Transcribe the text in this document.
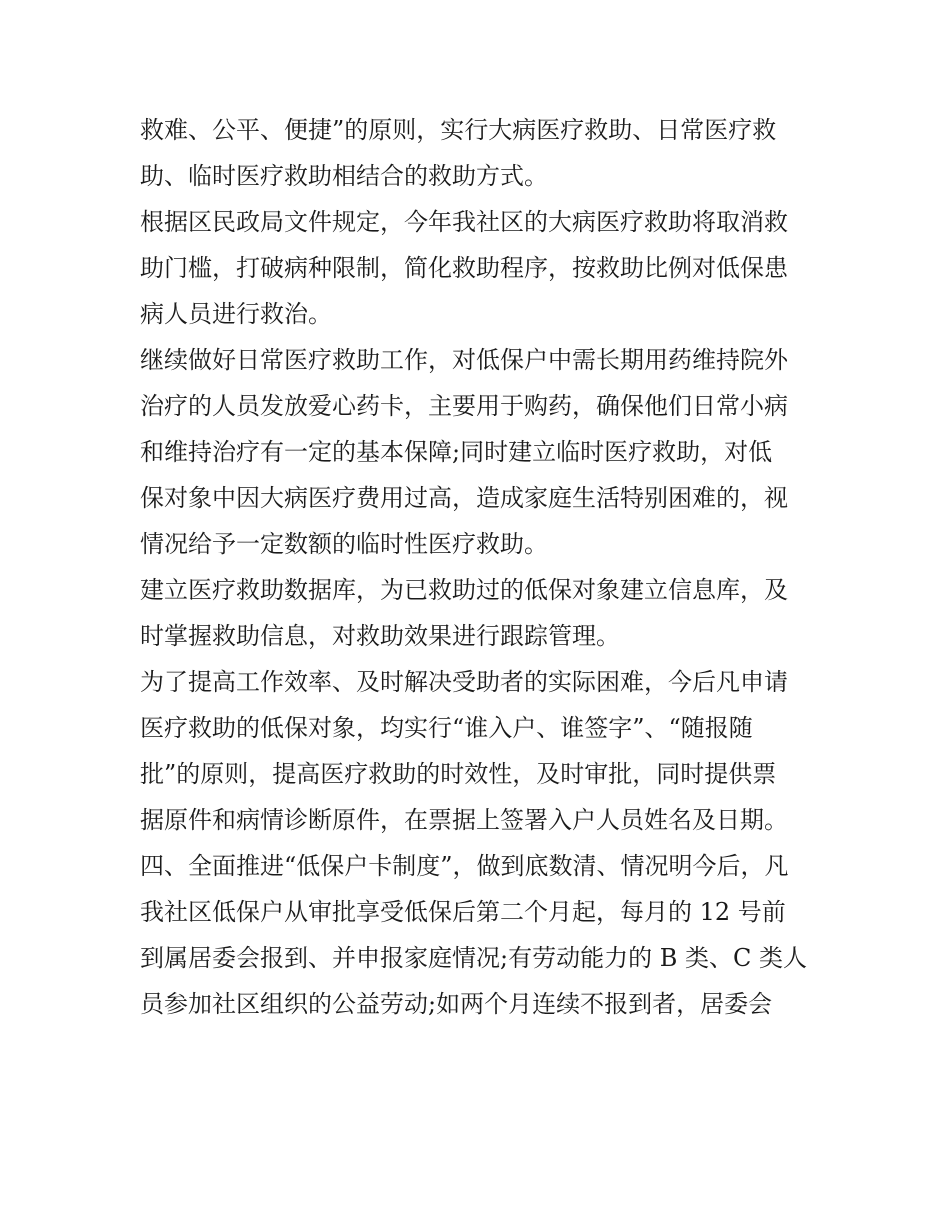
救难、公平、便捷”的原则，实行大病医疗救助、日常医疗救
助、临时医疗救助相结合的救助方式。
根据区民政局文件规定，今年我社区的大病医疗救助将取消救
助门槛，打破病种限制，简化救助程序，按救助比例对低保患
病人员进行救治。
继续做好日常医疗救助工作，对低保户中需长期用药维持院外
治疗的人员发放爱心药卡，主要用于购药，确保他们日常小病
和维持治疗有一定的基本保障;同时建立临时医疗救助，对低
保对象中因大病医疗费用过高，造成家庭生活特别困难的，视
情况给予一定数额的临时性医疗救助。
建立医疗救助数据库，为已救助过的低保对象建立信息库，及
时掌握救助信息，对救助效果进行跟踪管理。
为了提高工作效率、及时解决受助者的实际困难，今后凡申请
医疗救助的低保对象，均实行“谁入户、谁签字”、“随报随
批”的原则，提高医疗救助的时效性，及时审批，同时提供票
据原件和病情诊断原件，在票据上签署入户人员姓名及日期。
四、全面推进“低保户卡制度”，做到底数清、情况明今后，凡
我社区低保户从审批享受低保后第二个月起，每月的 12 号前
到属居委会报到、并申报家庭情况;有劳动能力的 B 类、C 类人
员参加社区组织的公益劳动;如两个月连续不报到者，居委会
